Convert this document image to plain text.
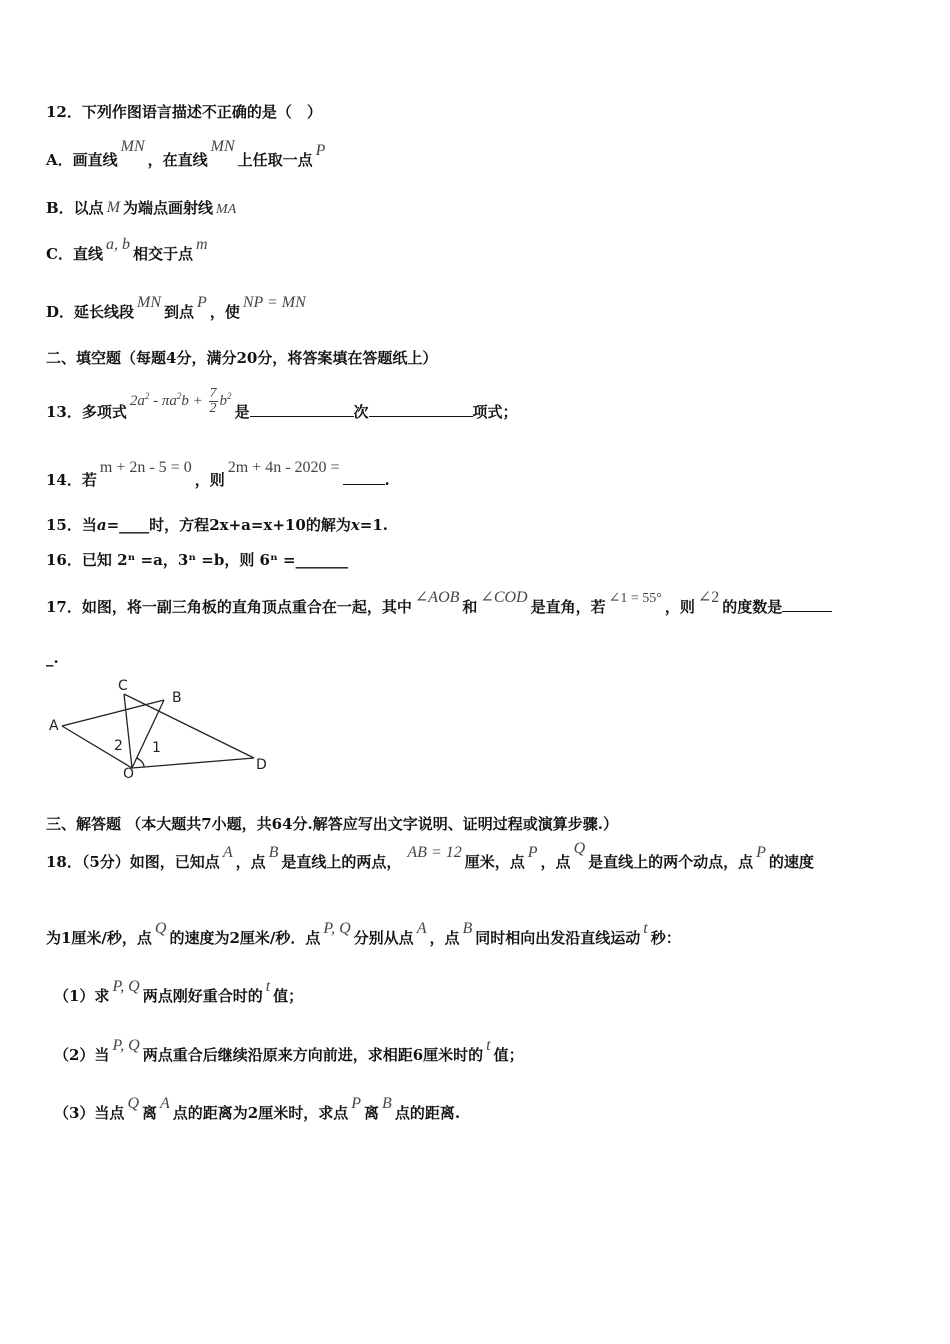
12．下列作图语言描述不正确的是（　）
A．画直线MN，在直线MN上任取一点P
B．以点 M 为端点画射线 MA
C．直线a, b相交于点m
D．延长线段MN到点P，使NP = MN
二、填空题（每题4分，满分20分，将答案填在答题纸上）
13．多项式$2a^2 - \pi a^2b + \frac{7}{2} b^2$是	次	项式；
14．若m + 2n - 5 = 0，则2m + 4n - 2020 =.
15．当a=____时，方程2x+a=x+10的解为x=1.
16．已知 2ⁿ =a，3ⁿ =b，则 6ⁿ =_______
17．如图，将一副三角板的直角顶点重合在一起，其中∠AOB和∠COD是直角，若 ∠1 = 55° ，则∠2的度数是
_.
A
B
C
D
O
1
2
三、解答题 （本大题共7小题，共64分.解答应写出文字说明、证明过程或演算步骤.）
18．（5分）如图，已知点A，点B是直线上的两点，AB = 12厘米，点P，点Q是直线上的两个动点，点P的速度
为1厘米/秒，点Q的速度为2厘米/秒．点P, Q分别从点A，点B同时相向出发沿直线运动t秒：
（1）求P, Q两点刚好重合时的t值；
（2）当P, Q两点重合后继续沿原来方向前进，求相距6厘米时的t值；
（3）当点Q离A点的距离为2厘米时，求点P离B点的距离.
